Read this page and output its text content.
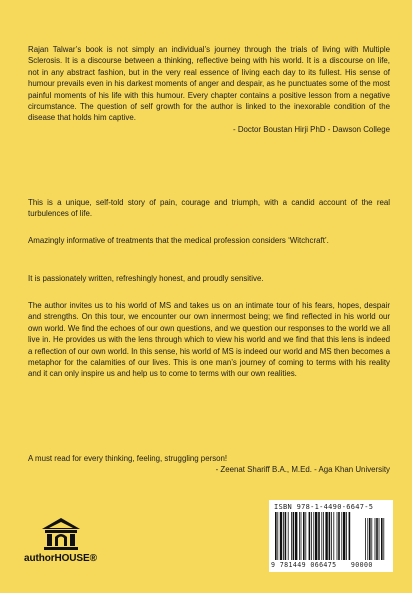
Rajan Talwar’s book is not simply an individual’s journey through the trials of living with Multiple Sclerosis. It is a discourse between a thinking, reflective being with his world. It is a discourse on life, not in any abstract fashion, but in the very real essence of living each day to its fullest. His sense of humour prevails even in his darkest moments of anger and despair, as he punctuates some of the most painful moments of his life with this humour. Every chapter contains a positive lesson from a negative circumstance. The question of self growth for the author is linked to the inexorable condition of the disease that holds him captive.

- Doctor Boustan Hirji PhD - Dawson College

This is a unique, self-told story of pain, courage and triumph, with a candid account of the real turbulences of life.

Amazingly informative of treatments that the medical profession considers ‘Witchcraft’.

It is passionately written, refreshingly honest, and proudly sensitive.

The author invites us to his world of MS and takes us on an intimate tour of his fears, hopes, despair and strengths. On this tour, we encounter our own innermost being; we find reflected in his world our own world. We find the echoes of our own questions, and we question our responses to the world we all live in. He provides us with the lens through which to view his world and we find that this lens is indeed a reflection of our own world. In this sense, his world of MS is indeed our world and MS then becomes a metaphor for the calamities of our lives. This is one man’s journey of coming to terms with his reality and it can only inspire us and help us to come to terms with our own realities.

A must read for every thinking, feeling, struggling person!

- Zeenat Shariff B.A., M.Ed. - Aga Khan University

authorHOUSE®
ISBN 978-1-4490-6647-5
9 781449 066475 90000
